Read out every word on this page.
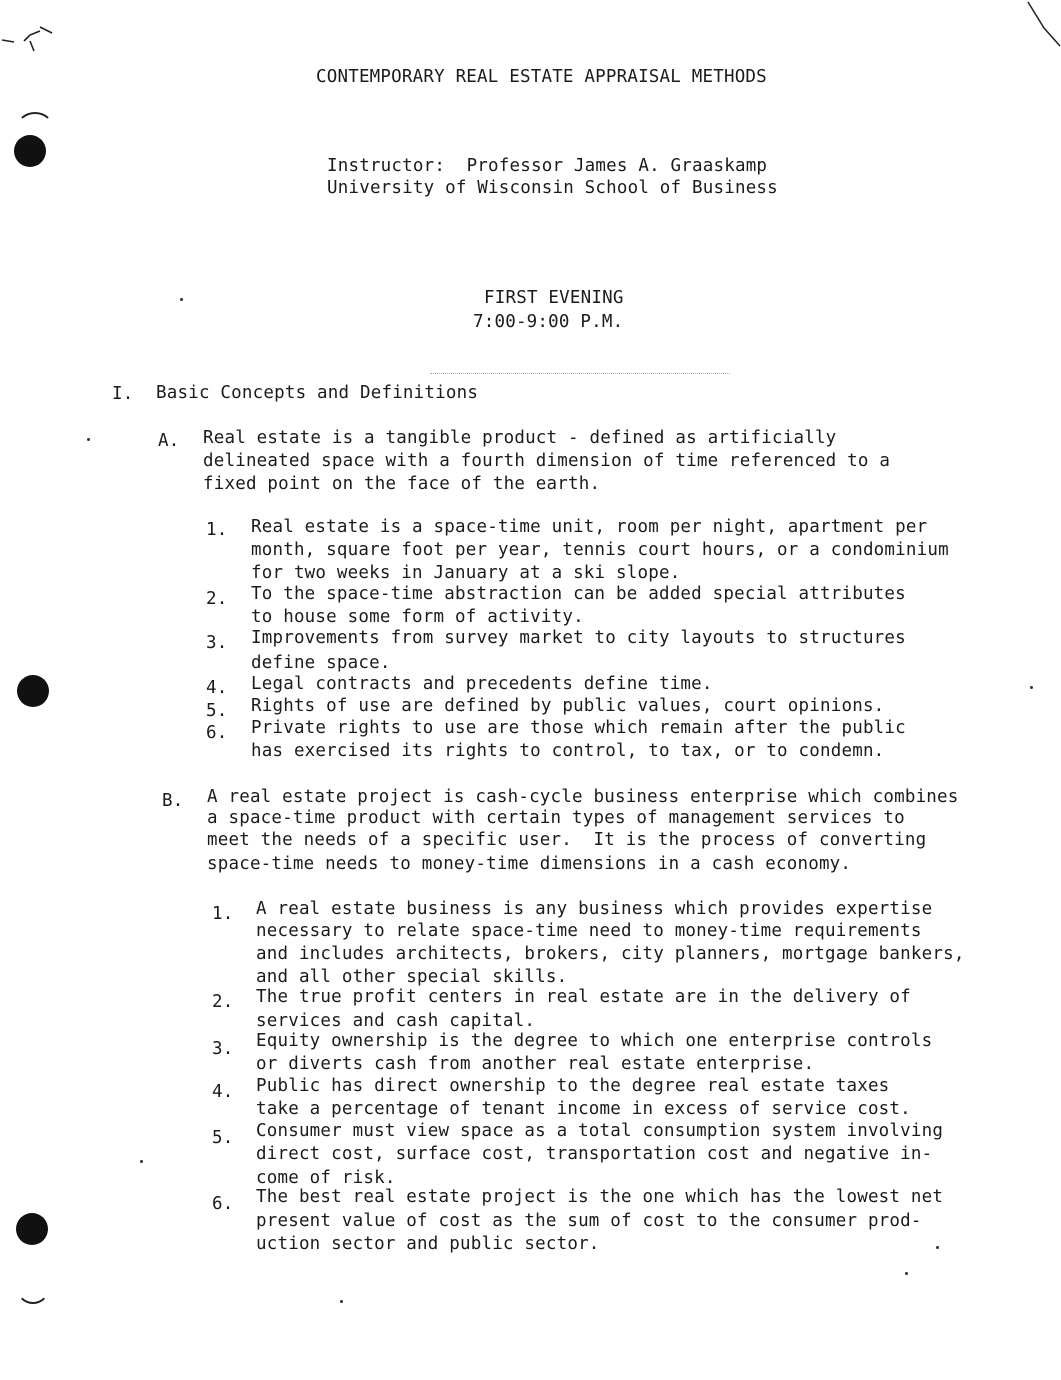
CONTEMPORARY REAL ESTATE APPRAISAL METHODS
Instructor:  Professor James A. Graaskamp
University of Wisconsin School of Business
FIRST EVENING
7:00-9:00 P.M.
I. Basic Concepts and Definitions
A. Real estate is a tangible product - defined as artificially
delineated space with a fourth dimension of time referenced to a
fixed point on the face of the earth.
1. Real estate is a space-time unit, room per night, apartment per
month, square foot per year, tennis court hours, or a condominium
for two weeks in January at a ski slope.
2. To the space-time abstraction can be added special attributes
to house some form of activity.
3. Improvements from survey market to city layouts to structures
define space.
4. Legal contracts and precedents define time.
5. Rights of use are defined by public values, court opinions.
6. Private rights to use are those which remain after the public
has exercised its rights to control, to tax, or to condemn.
B. A real estate project is cash-cycle business enterprise which combines
a space-time product with certain types of management services to
meet the needs of a specific user.  It is the process of converting
space-time needs to money-time dimensions in a cash economy.
1. A real estate business is any business which provides expertise
necessary to relate space-time need to money-time requirements
and includes architects, brokers, city planners, mortgage bankers,
and all other special skills.
2. The true profit centers in real estate are in the delivery of
services and cash capital.
3. Equity ownership is the degree to which one enterprise controls
or diverts cash from another real estate enterprise.
4. Public has direct ownership to the degree real estate taxes
take a percentage of tenant income in excess of service cost.
5. Consumer must view space as a total consumption system involving
direct cost, surface cost, transportation cost and negative in-
come of risk.
6. The best real estate project is the one which has the lowest net
present value of cost as the sum of cost to the consumer prod-
uction sector and public sector.
